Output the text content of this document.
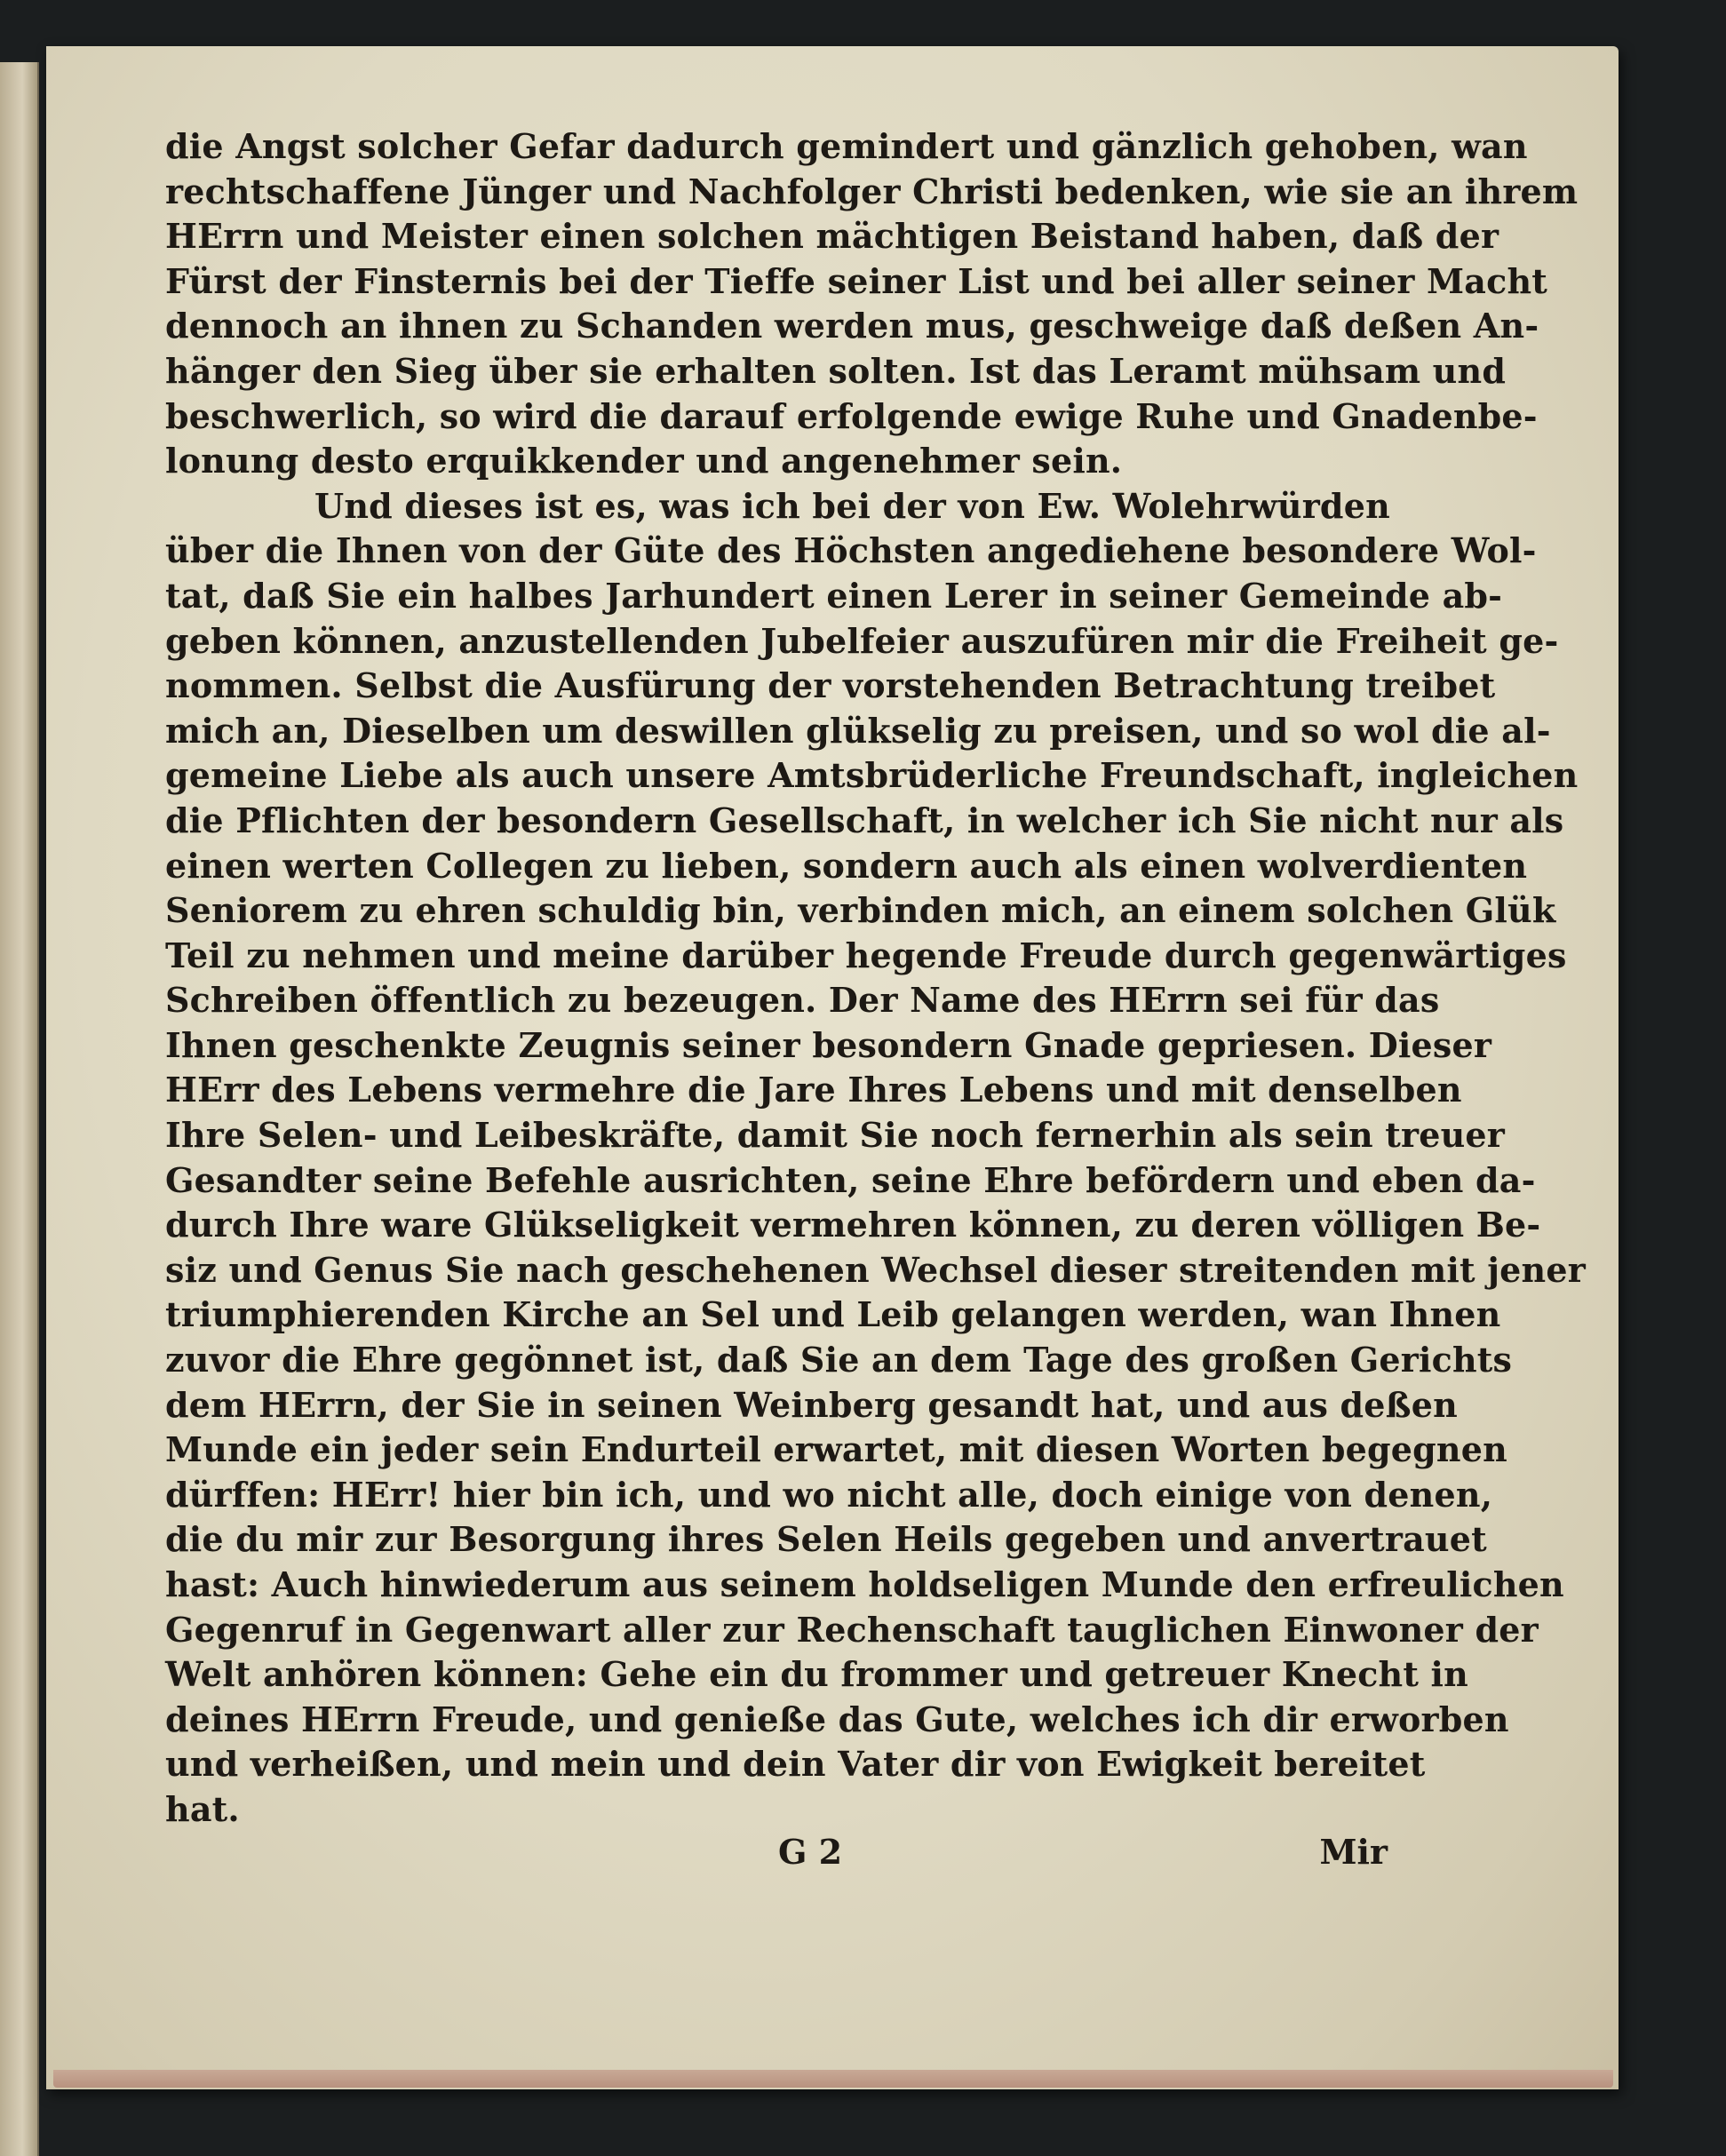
die Angst solcher Gefar dadurch gemindert und gänzlich gehoben, wan
rechtschaffene Jünger und Nachfolger Christi bedenken, wie sie an ihrem
HErrn und Meister einen solchen mächtigen Beistand haben, daß der
Fürst der Finsternis bei der Tieffe seiner List und bei aller seiner Macht
dennoch an ihnen zu Schanden werden mus, geschweige daß deßen An-
hänger den Sieg über sie erhalten solten. Ist das Leramt mühsam und
beschwerlich, so wird die darauf erfolgende ewige Ruhe und Gnadenbe-
lonung desto erquikkender und angenehmer sein.
Und dieses ist es, was ich bei der von Ew. Wolehrwürden
über die Ihnen von der Güte des Höchsten angediehene besondere Wol-
tat, daß Sie ein halbes Jarhundert einen Lerer in seiner Gemeinde ab-
geben können, anzustellenden Jubelfeier auszufüren mir die Freiheit ge-
nommen. Selbst die Ausfürung der vorstehenden Betrachtung treibet
mich an, Dieselben um deswillen glükselig zu preisen, und so wol die al-
gemeine Liebe als auch unsere Amtsbrüderliche Freundschaft, ingleichen
die Pflichten der besondern Gesellschaft, in welcher ich Sie nicht nur als
einen werten Collegen zu lieben, sondern auch als einen wolverdienten
Seniorem zu ehren schuldig bin, verbinden mich, an einem solchen Glük
Teil zu nehmen und meine darüber hegende Freude durch gegenwärtiges
Schreiben öffentlich zu bezeugen. Der Name des HErrn sei für das
Ihnen geschenkte Zeugnis seiner besondern Gnade gepriesen. Dieser
HErr des Lebens vermehre die Jare Ihres Lebens und mit denselben
Ihre Selen- und Leibeskräfte, damit Sie noch fernerhin als sein treuer
Gesandter seine Befehle ausrichten, seine Ehre befördern und eben da-
durch Ihre ware Glükseligkeit vermehren können, zu deren völligen Be-
siz und Genus Sie nach geschehenen Wechsel dieser streitenden mit jener
triumphierenden Kirche an Sel und Leib gelangen werden, wan Ihnen
zuvor die Ehre gegönnet ist, daß Sie an dem Tage des großen Gerichts
dem HErrn, der Sie in seinen Weinberg gesandt hat, und aus deßen
Munde ein jeder sein Endurteil erwartet, mit diesen Worten begegnen
dürffen: HErr! hier bin ich, und wo nicht alle, doch einige von denen,
die du mir zur Besorgung ihres Selen Heils gegeben und anvertrauet
hast: Auch hinwiederum aus seinem holdseligen Munde den erfreulichen
Gegenruf in Gegenwart aller zur Rechenschaft tauglichen Einwoner der
Welt anhören können: Gehe ein du frommer und getreuer Knecht in
deines HErrn Freude, und genieße das Gute, welches ich dir erworben
und verheißen, und mein und dein Vater dir von Ewigkeit bereitet
hat.
G 2	Mir
